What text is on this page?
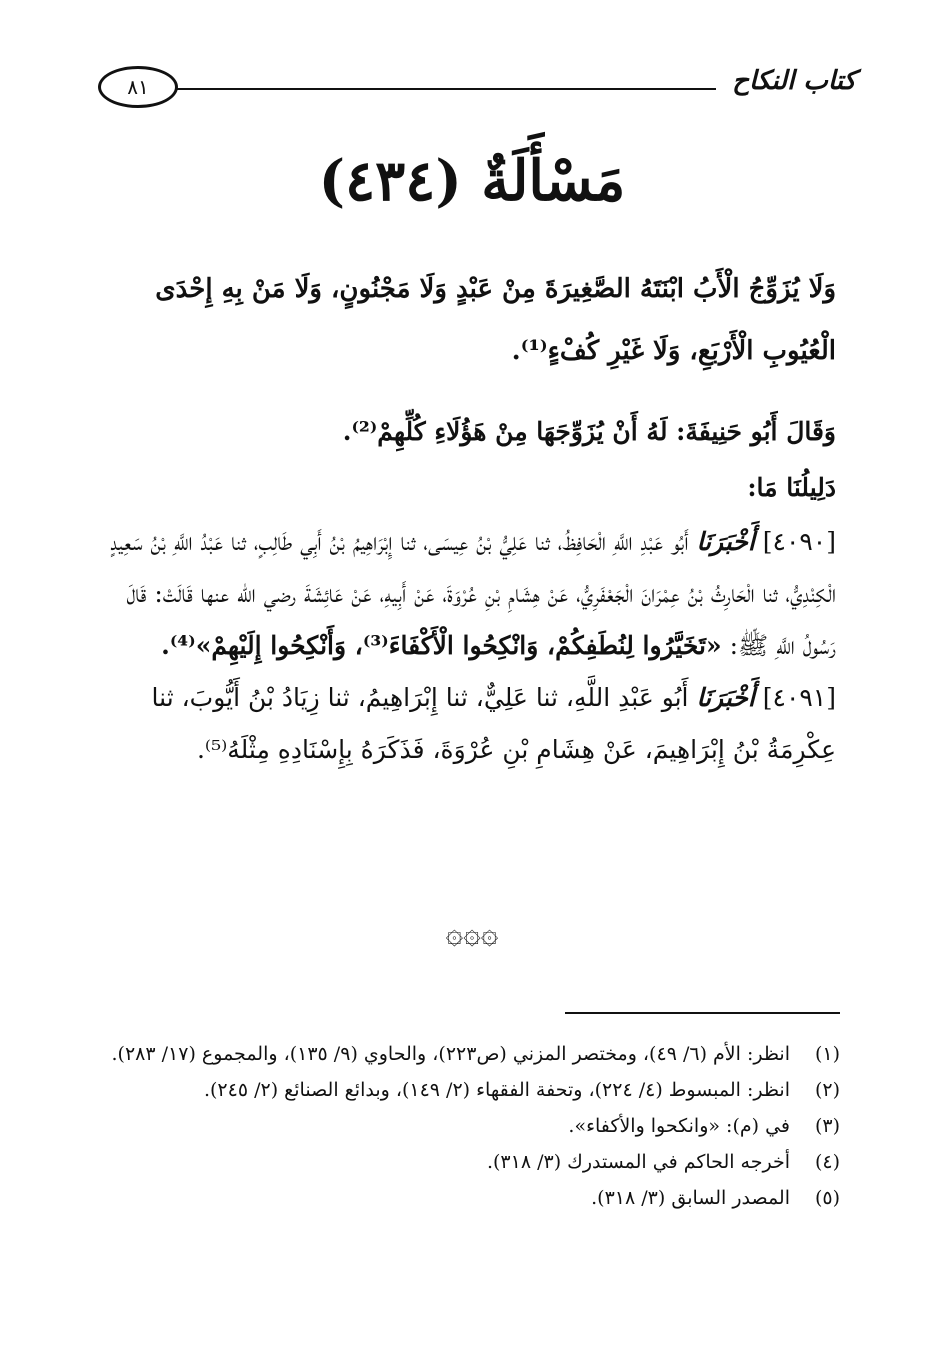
٨١	كتاب النكاح
مَسْأَلَةٌ (٤٣٤)

وَلَا يُزَوِّجُ الْأَبُ ابْنَتَهُ الصَّغِيرَةَ مِنْ عَبْدٍ وَلَا مَجْنُونٍ، وَلَا مَنْ بِهِ إِحْدَى الْعُيُوبِ الْأَرْبَعِ، وَلَا غَيْرِ كُفْءٍ⁽¹⁾.

وَقَالَ أَبُو حَنِيفَةَ: لَهُ أَنْ يُزَوِّجَهَا مِنْ هَؤُلَاءِ كُلِّهِمْ⁽²⁾.

دَلِيلُنَا مَا:

[٤٠٩٠] أَخْبَرَنَا أَبُو عَبْدِ اللَّهِ الْحَافِظُ، ثنا عَلِيُّ بْنُ عِيسَى، ثنا إِبْرَاهِيمُ بْنُ أَبِي طَالِبٍ، ثنا عَبْدُ اللَّهِ بْنُ سَعِيدٍ الْكِنْدِيُّ، ثنا الْحَارِثُ بْنُ عِمْرَانَ الْجَعْفَرِيُّ، عَنْ هِشَامِ بْنِ عُرْوَةَ، عَنْ أَبِيهِ، عَنْ عَائِشَةَ رضي الله عنها قَالَتْ: قَالَ رَسُولُ اللَّهِ ﷺ: «تَخَيَّرُوا لِنُطَفِكُمْ، وَانْكِحُوا الْأَكْفَاءَ⁽³⁾، وَأَنْكِحُوا إِلَيْهِمْ»⁽⁴⁾.

[٤٠٩١] أَخْبَرَنَا أَبُو عَبْدِ اللَّهِ، ثنا عَلِيٌّ، ثنا إِبْرَاهِيمُ، ثنا زِيَادُ بْنُ أَيُّوبَ، ثنا عِكْرِمَةُ بْنُ إِبْرَاهِيمَ، عَنْ هِشَامِ بْنِ عُرْوَةَ، فَذَكَرَهُ بِإِسْنَادِهِ مِثْلَهُ⁽⁵⁾.

۞۞۞
(١)
انظر: الأم (٦/ ٤٩)، ومختصر المزني (ص٢٢٣)، والحاوي (٩/ ١٣٥)، والمجموع (١٧/ ٢٨٣).
(٢)
انظر: المبسوط (٤/ ٢٢٤)، وتحفة الفقهاء (٢/ ١٤٩)، وبدائع الصنائع (٢/ ٢٤٥).
(٣)
في (م): «وانكحوا والأكفاء».
(٤)
أخرجه الحاكم في المستدرك (٣/ ٣١٨).
(٥)
المصدر السابق (٣/ ٣١٨).
